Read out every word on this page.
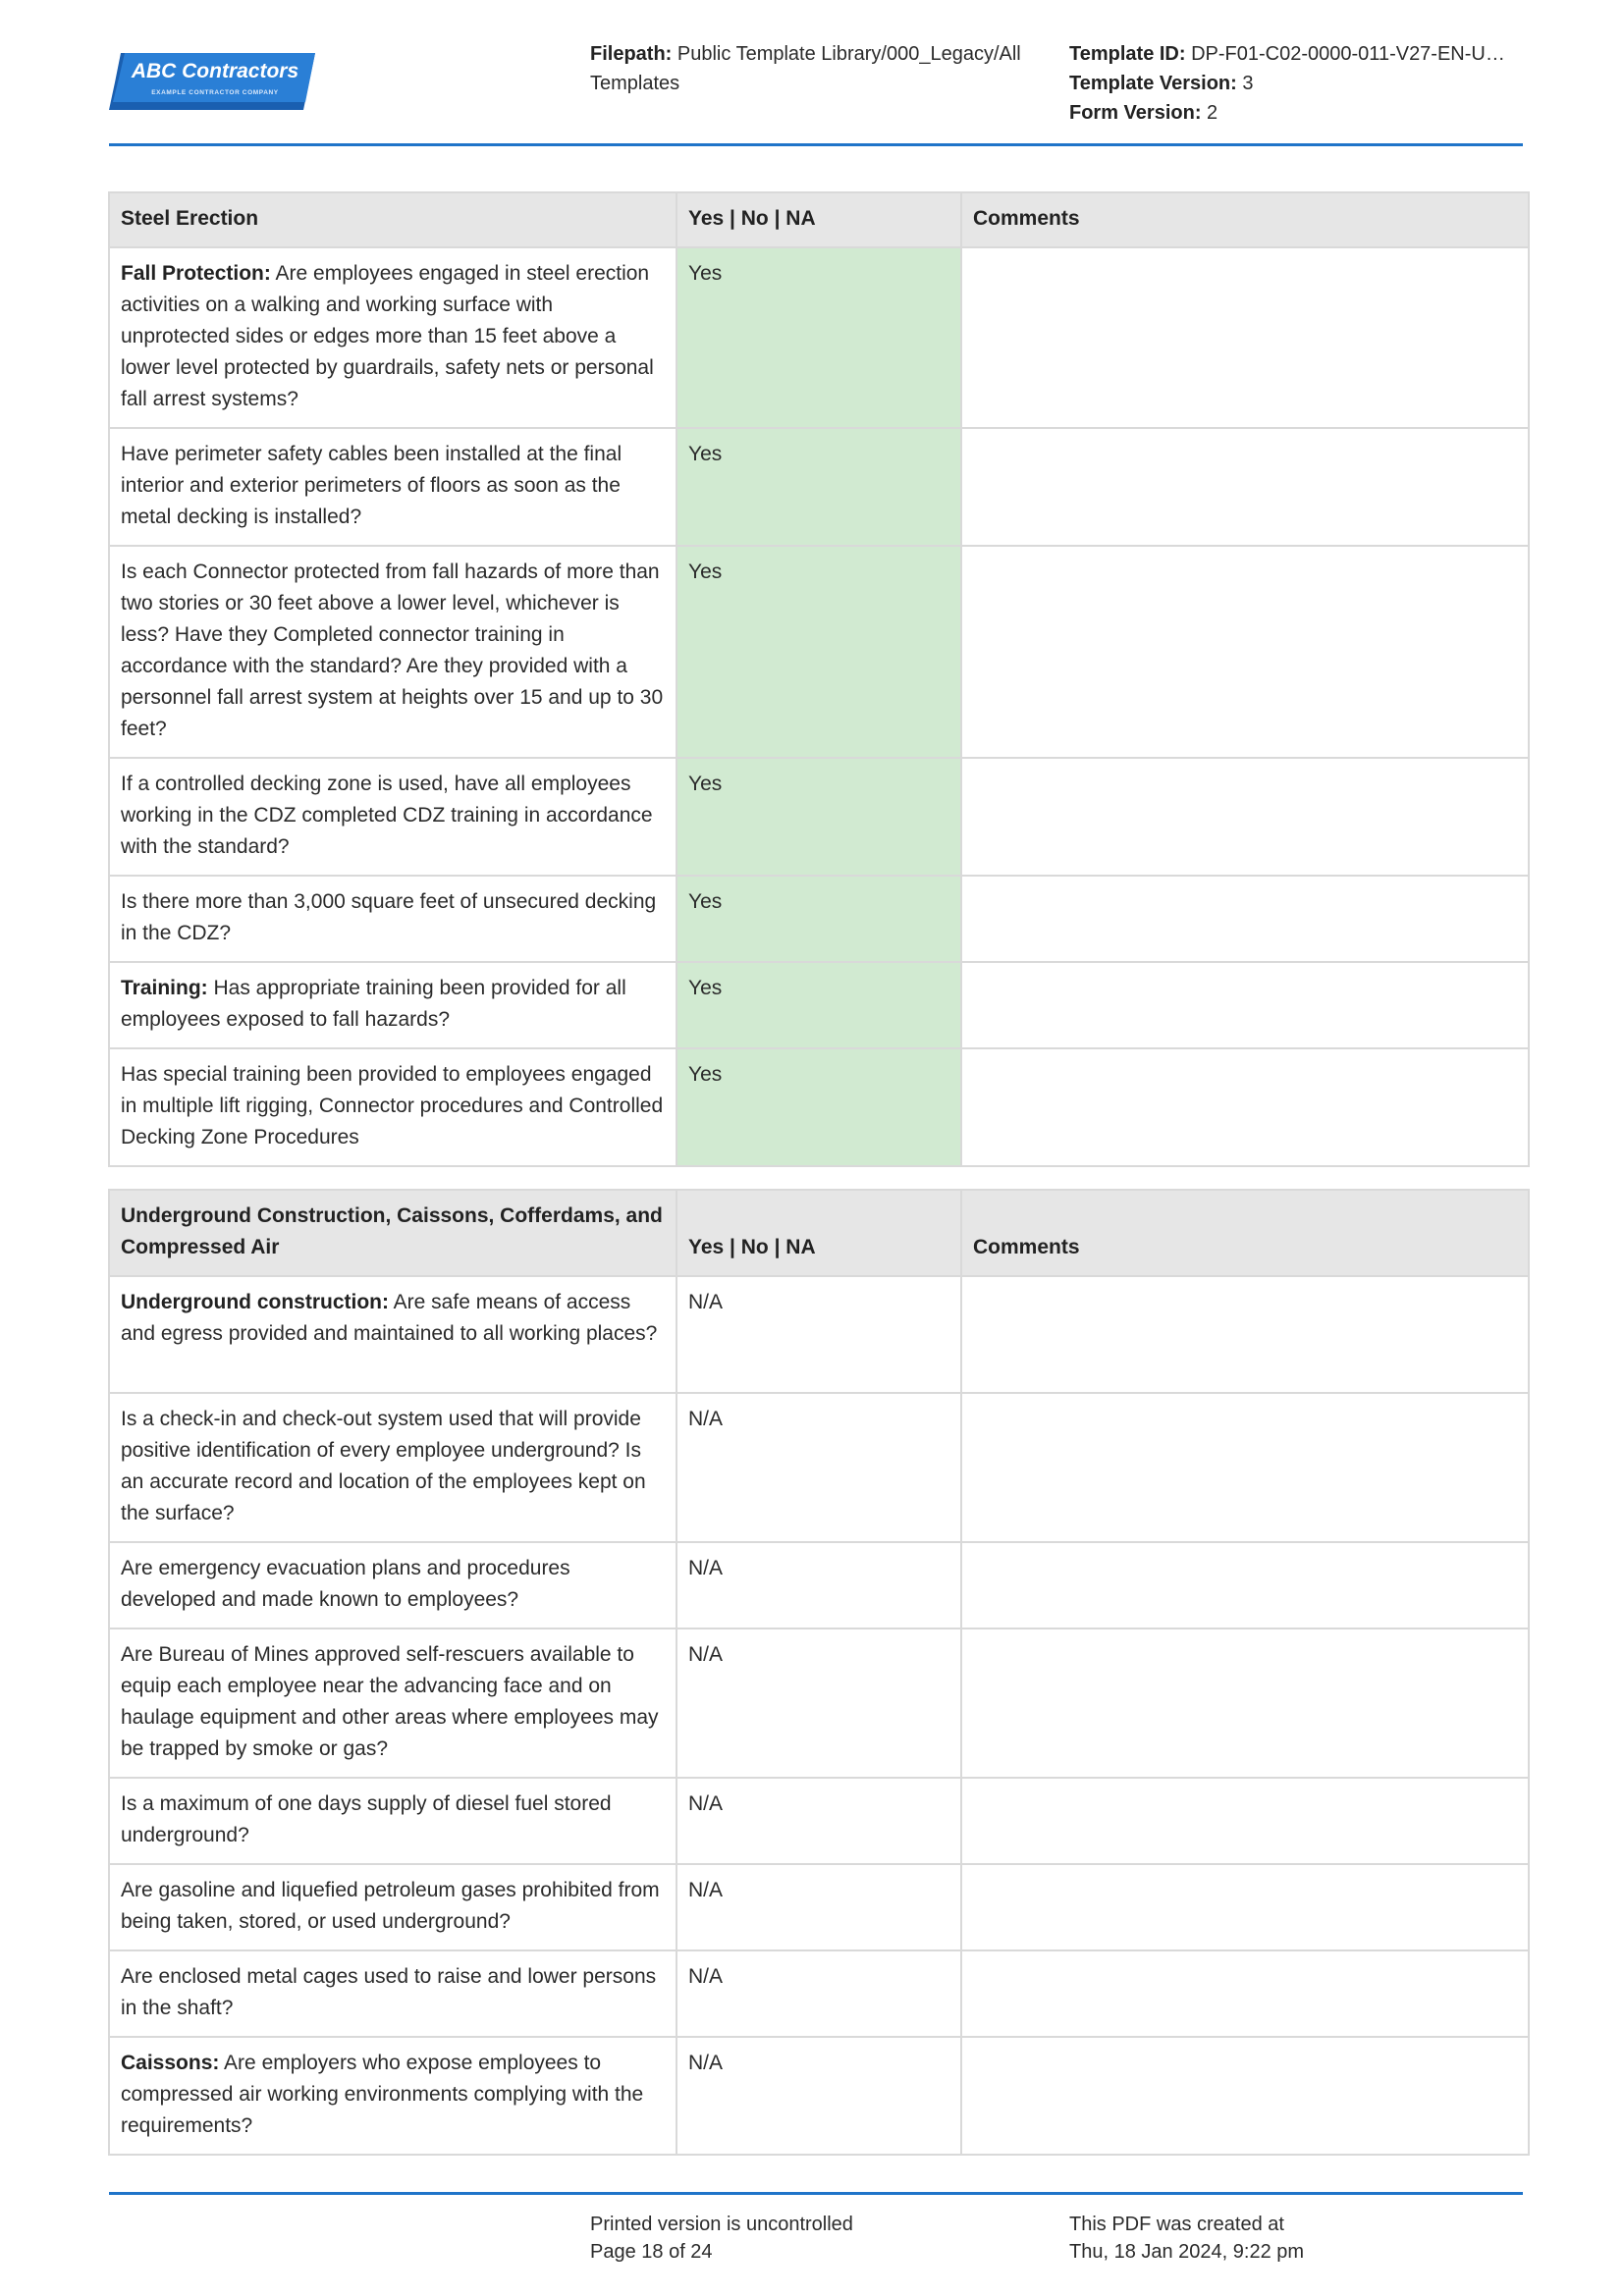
ABC Contractors
EXAMPLE CONTRACTOR COMPANY
Filepath: Public Template Library/000_Legacy/All Templates
Template ID: DP-F01-C02-0000-011-V27-EN-U…
Template Version: 3
Form Version: 2
Steel Erection	Yes | No | NA	Comments
Fall Protection: Are employees engaged in steel erection activities on a walking and working surface with unprotected sides or edges more than 15 feet above a lower level protected by guardrails, safety nets or personal fall arrest systems?	Yes	
Have perimeter safety cables been installed at the final interior and exterior perimeters of floors as soon as the metal decking is installed?	Yes	
Is each Connector protected from fall hazards of more than two stories or 30 feet above a lower level, whichever is less? Have they Completed connector training in accordance with the standard? Are they provided with a personnel fall arrest system at heights over 15 and up to 30 feet?	Yes	
If a controlled decking zone is used, have all employees working in the CDZ completed CDZ training in accordance with the standard?	Yes	
Is there more than 3,000 square feet of unsecured decking in the CDZ?	Yes	
Training: Has appropriate training been provided for all employees exposed to fall hazards?	Yes	
Has special training been provided to employees engaged in multiple lift rigging, Connector procedures and Controlled Decking Zone Procedures	Yes	
Underground Construction, Caissons, Cofferdams, and Compressed Air	Yes | No | NA	Comments
Underground construction: Are safe means of access and egress provided and maintained to all working places?	N/A	
Is a check-in and check-out system used that will provide positive identification of every employee underground? Is an accurate record and location of the employees kept on the surface?	N/A	
Are emergency evacuation plans and procedures developed and made known to employees?	N/A	
Are Bureau of Mines approved self-rescuers available to equip each employee near the advancing face and on haulage equipment and other areas where employees may be trapped by smoke or gas?	N/A	
Is a maximum of one days supply of diesel fuel stored underground?	N/A	
Are gasoline and liquefied petroleum gases prohibited from being taken, stored, or used underground?	N/A	
Are enclosed metal cages used to raise and lower persons in the shaft?	N/A	
Caissons: Are employers who expose employees to compressed air working environments complying with the requirements?	N/A	
Printed version is uncontrolled
Page 18 of 24
This PDF was created at
Thu, 18 Jan 2024, 9:22 pm
